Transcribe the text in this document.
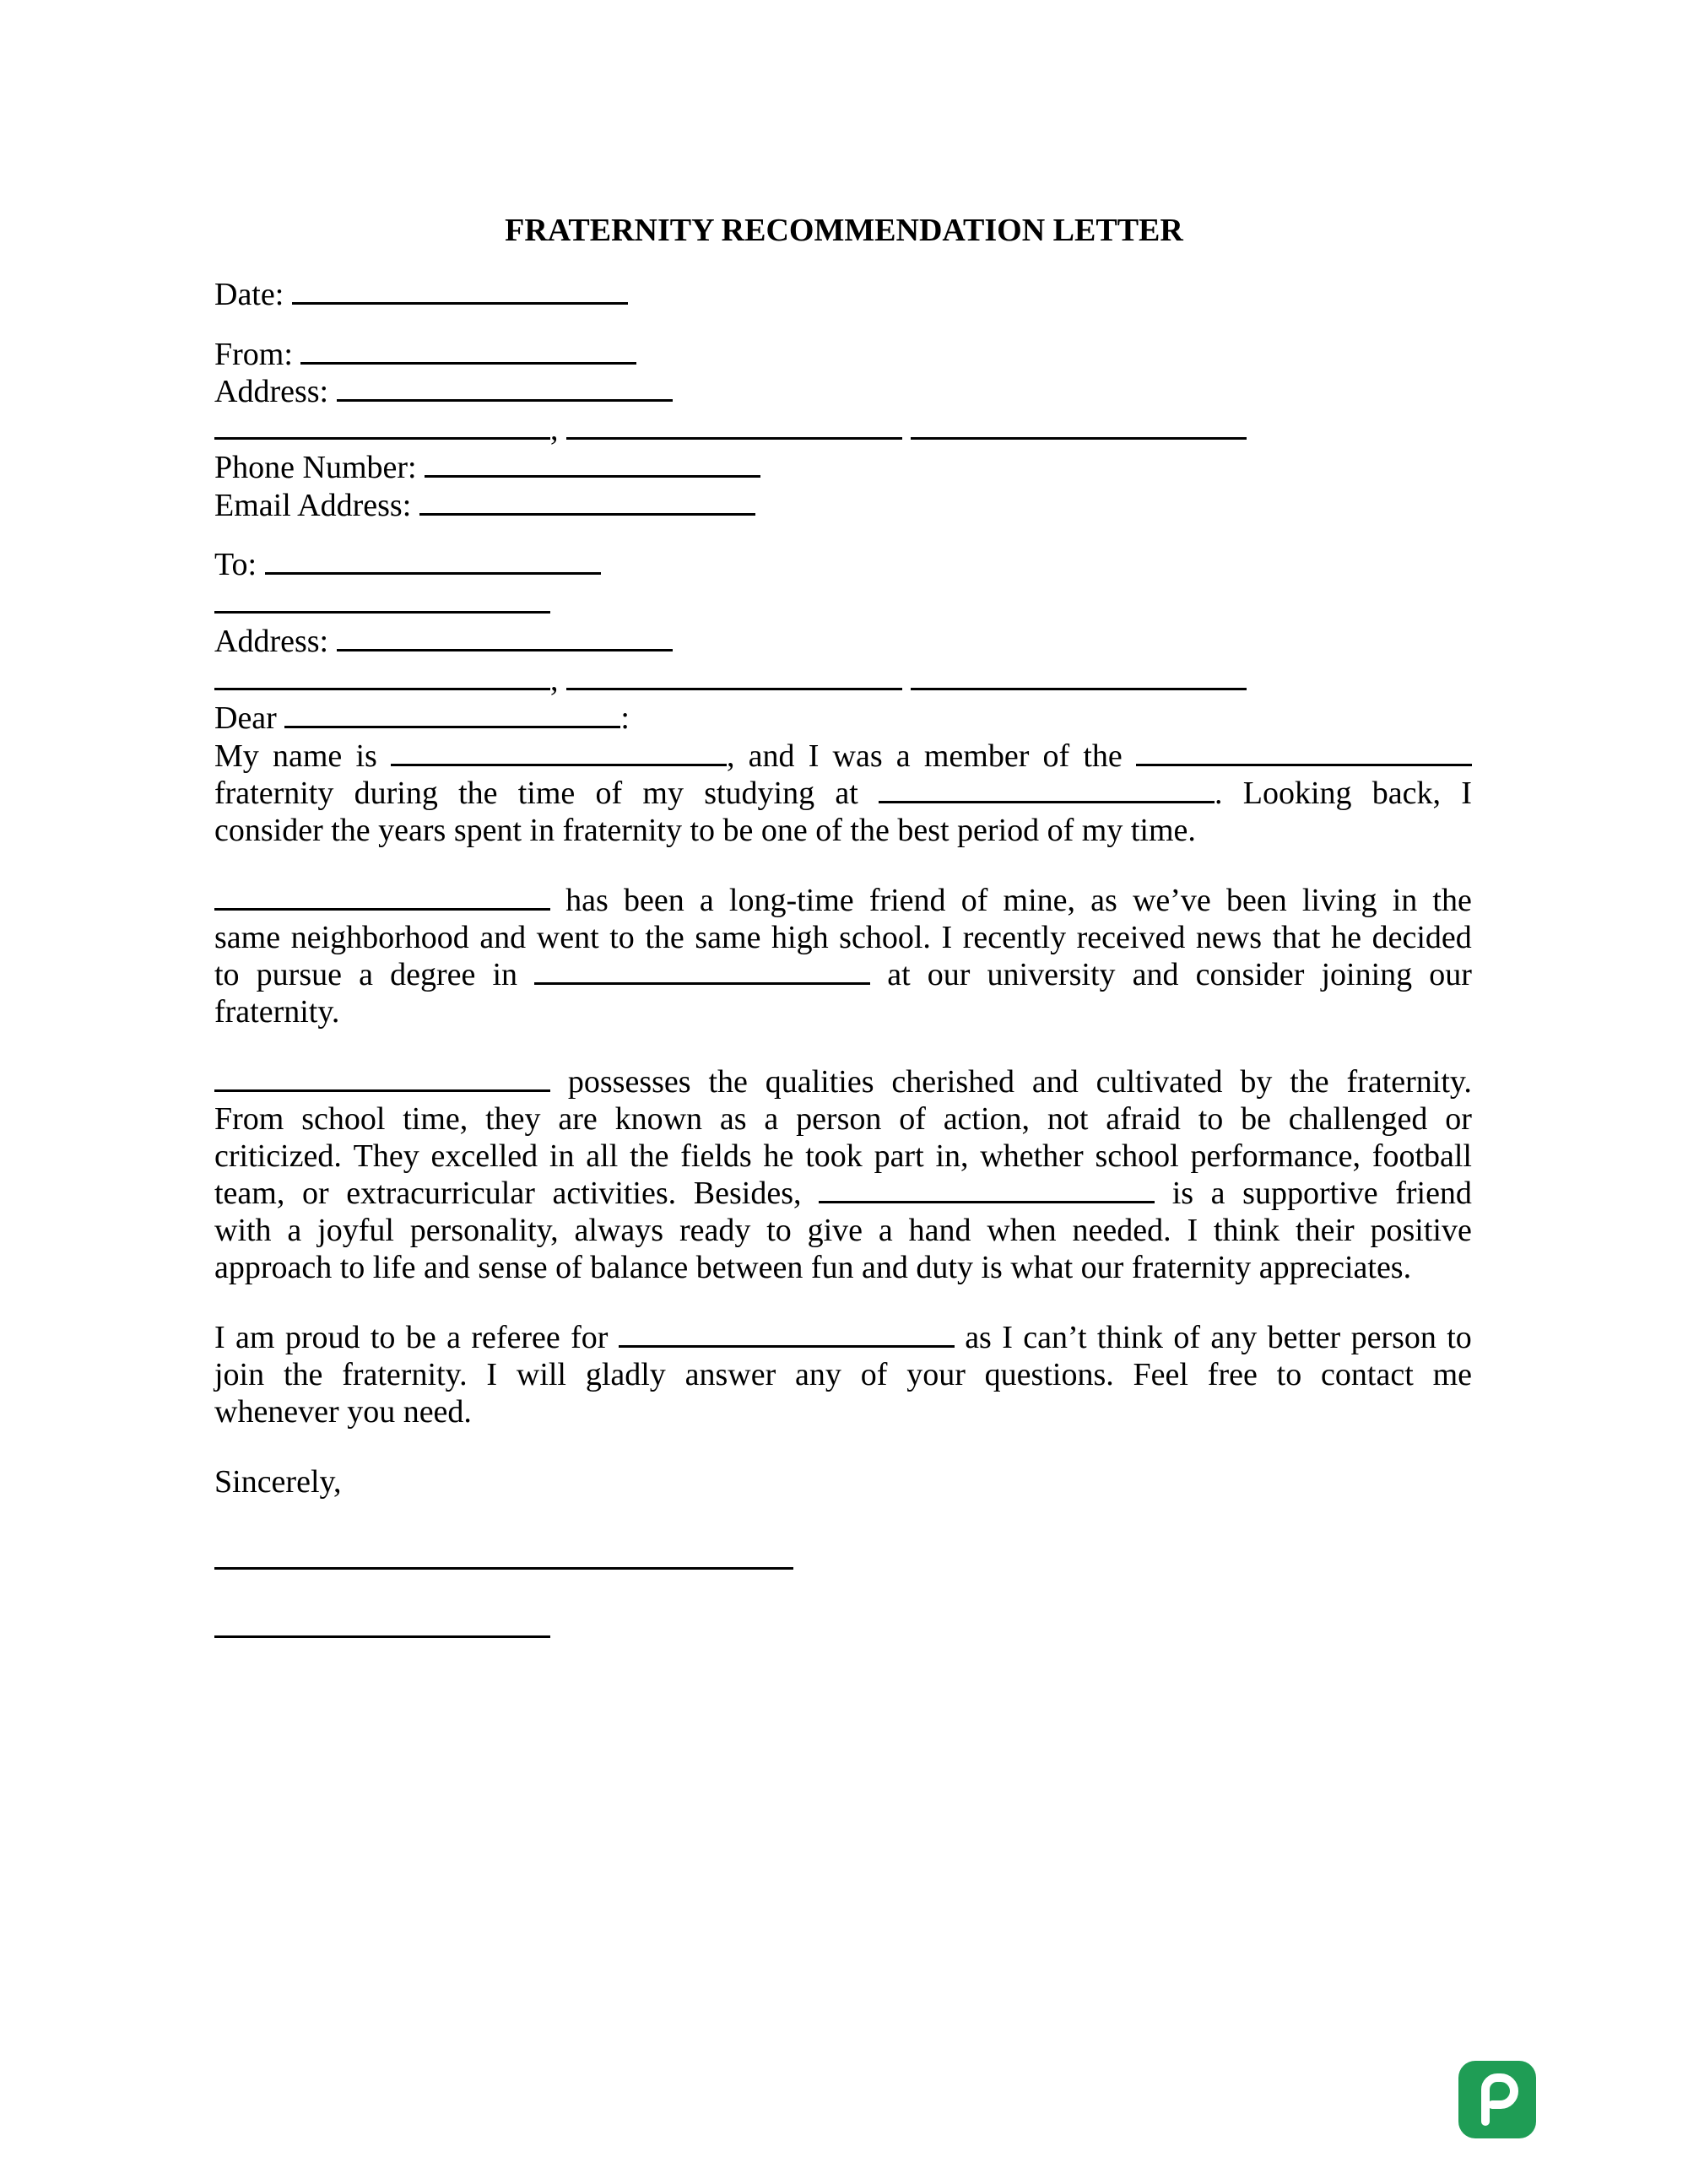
FRATERNITY RECOMMENDATION LETTER
Date:
From:
Address:
,
Phone Number:
Email Address:
To:
Address:
,
Dear	:
My name is	, and I was a member of the
fraternity during the time of my studying at	. Looking back, I
consider the years spent in fraternity to be one of the best period of my time.
has been a long-time friend of mine, as we’ve been living in the
same neighborhood and went to the same high school. I recently received news that he decided
to pursue a degree in	at our university and consider joining our
fraternity.
possesses the qualities cherished and cultivated by the fraternity.
From school time, they are known as a person of action, not afraid to be challenged or
criticized. They excelled in all the fields he took part in, whether school performance, football
team, or extracurricular activities. Besides,	is a supportive friend
with a joyful personality, always ready to give a hand when needed. I think their positive
approach to life and sense of balance between fun and duty is what our fraternity appreciates.
I am proud to be a referee for	as I can’t think of any better person to
join the fraternity. I will gladly answer any of your questions. Feel free to contact me
whenever you need.
Sincerely,
